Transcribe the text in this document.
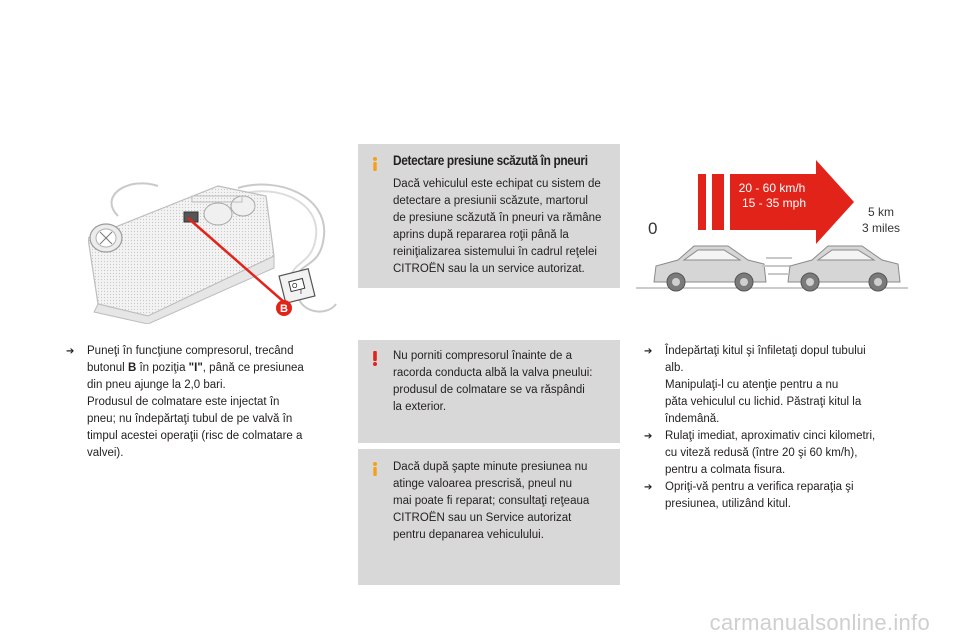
O
I
B
➔ Puneţi în funcţiune compresorul, trecând
butonul B în poziţia "I", până ce presiunea
din pneu ajunge la 2,0 bari.
Produsul de colmatare este injectat în
pneu; nu îndepărtaţi tubul de pe valvă în
timpul acestei operaţii (risc de colmatare a
valvei).
Detectare presiune scăzută în pneuri
Dacă vehiculul este echipat cu sistem de
detectare a presiunii scăzute, martorul
de presiune scăzută în pneuri va rămâne
aprins după repararea roţii până la
reiniţializarea sistemului în cadrul reţelei
CITROËN sau la un service autorizat.
Nu porniti compresorul înainte de a
racorda conducta albă la valva pneului:
produsul de colmatare se va răspândi
la exterior.
Dacă după şapte minute presiunea nu
atinge valoarea prescrisă, pneul nu
mai poate fi reparat; consultaţi reţeaua
CITROËN sau un Service autorizat
pentru depanarea vehiculului.
20 - 60 km/h
15 - 35 mph
0
5 km
3 miles
➔ Îndepărtaţi kitul şi înfiletaţi dopul tubului
alb.
Manipulaţi-l cu atenţie pentru a nu
păta vehiculul cu lichid. Păstraţi kitul la
îndemână.
➔ Rulaţi imediat, aproximativ cinci kilometri,
cu viteză redusă (între 20 şi 60 km/h),
pentru a colmata fisura.
➔ Opriţi-vă pentru a verifica reparaţia şi
presiunea, utilizând kitul.
carmanualsonline.info
